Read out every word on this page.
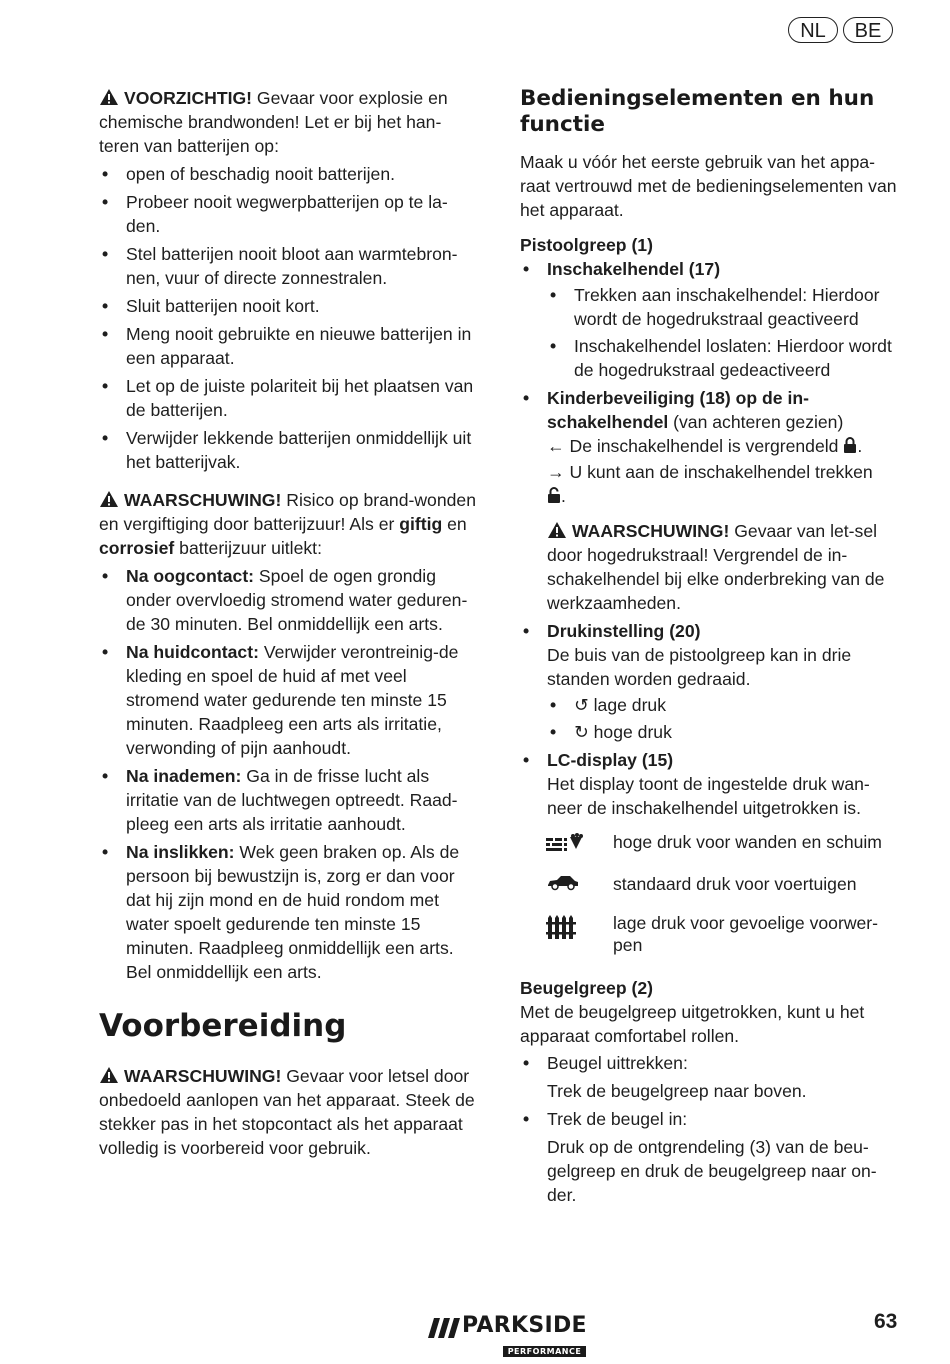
NL	BE

VOORZICHTIG! Gevaar voor explosie en chemische brandwonden! Let er bij het han-teren van batterijen op:

• open of beschadig nooit batterijen.
• Probeer nooit wegwerpbatterijen op te la-den.
• Stel batterijen nooit bloot aan warmtebron-nen, vuur of directe zonnestralen.
• Sluit batterijen nooit kort.
• Meng nooit gebruikte en nieuwe batterijen in een apparaat.
• Let op de juiste polariteit bij het plaatsen van de batterijen.
• Verwijder lekkende batterijen onmiddellijk uit het batterijvak.

WAARSCHUWING! Risico op brand-wonden en vergiftiging door batterijzuur! Als er giftig en corrosief batterijzuur uitlekt:

• Na oogcontact: Spoel de ogen grondig onder overvloedig stromend water geduren-de 30 minuten. Bel onmiddellijk een arts.
• Na huidcontact: Verwijder verontreinig-de kleding en spoel de huid af met veel stromend water gedurende ten minste 15 minuten. Raadpleeg een arts als irritatie, verwonding of pijn aanhoudt.
• Na inademen: Ga in de frisse lucht als irritatie van de luchtwegen optreedt. Raad-pleeg een arts als irritatie aanhoudt.
• Na inslikken: Wek geen braken op. Als de persoon bij bewustzijn is, zorg er dan voor dat hij zijn mond en de huid rondom met water spoelt gedurende ten minste 15 minuten. Raadpleeg onmiddellijk een arts. Bel onmiddellijk een arts.
Voorbereiding

WAARSCHUWING! Gevaar voor letsel door onbedoeld aanlopen van het apparaat. Steek de stekker pas in het stopcontact als het apparaat volledig is voorbereid voor gebruik.

Bedieningselementen en hun functie

Maak u vóór het eerste gebruik van het appa-raat vertrouwd met de bedieningselementen van het apparaat.

Pistoolgreep (1)

• Inschakelhendel (17)
• Trekken aan inschakelhendel: Hierdoor wordt de hogedrukstraal geactiveerd
• Inschakelhendel loslaten: Hierdoor wordt de hogedrukstraal gedeactiveerd
• Kinderbeveiliging (18) op de in-schakelhendel (van achteren gezien)
← De inschakelhendel is vergrendeld .
→ U kunt aan de inschakelhendel trekken
.

WAARSCHUWING! Gevaar van let-sel door hogedrukstraal! Vergrendel de in-schakelhendel bij elke onderbreking van de werkzaamheden.

• Drukinstelling (20)

De buis van de pistoolgreep kan in drie standen worden gedraaid.

• ↺ lage druk
• ↻ hoge druk
• LC-display (15)

Het display toont de ingestelde druk wan-neer de inschakelhendel uitgetrokken is.

hoge druk voor wanden en schuim
standaard druk voor voertuigen
lage druk voor gevoelige voorwer-pen

Beugelgreep (2)

Met de beugelgreep uitgetrokken, kunt u het apparaat comfortabel rollen.

• Beugel uittrekken:
Trek de beugelgreep naar boven.
• Trek de beugel in:
Druk op de ontgrendeling (3) van de beu-gelgreep en druk de beugelgreep naar on-der.
PARKSIDE
PERFORMANCE
63
